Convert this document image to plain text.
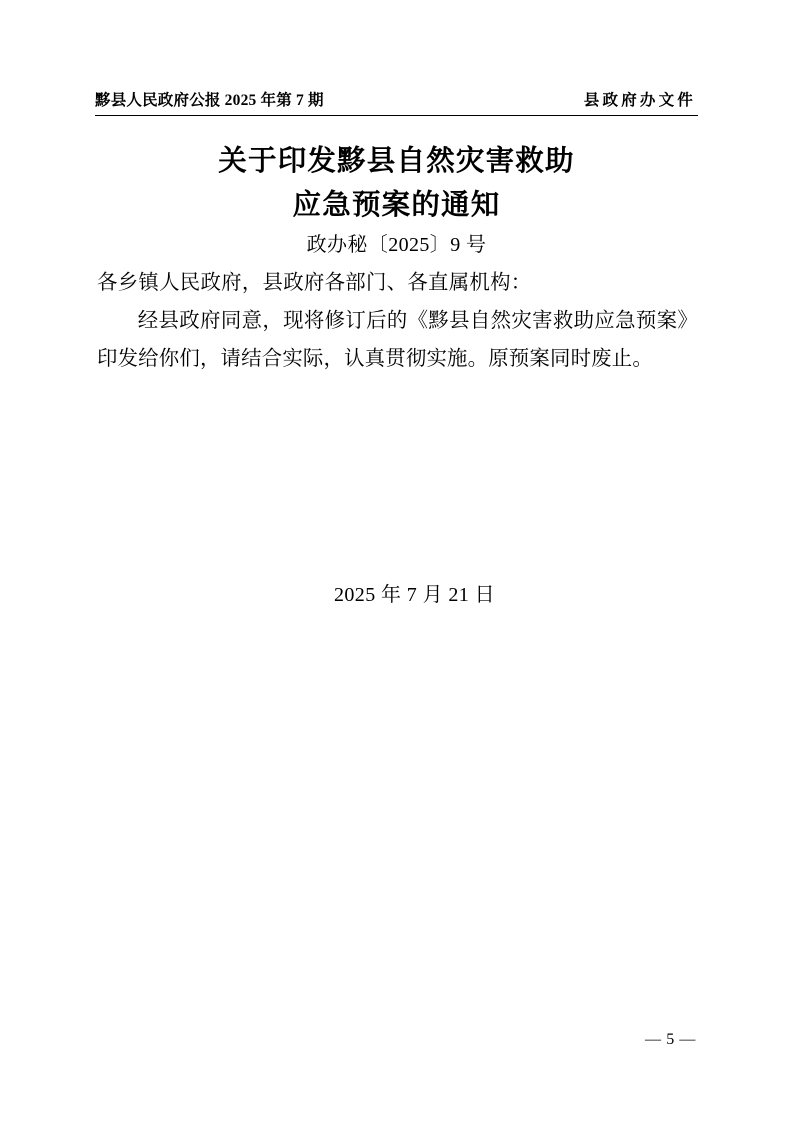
黟县人民政府公报 2025 年第 7 期	县政府办文件
关于印发黟县自然灾害救助
应急预案的通知
政办秘〔2025〕9 号

各乡镇人民政府，县政府各部门、各直属机构：

经县政府同意，现将修订后的《黟县自然灾害救助应急预案》印发给你们，请结合实际，认真贯彻实施。原预案同时废止。

2025 年 7 月 21 日
— 5 —
